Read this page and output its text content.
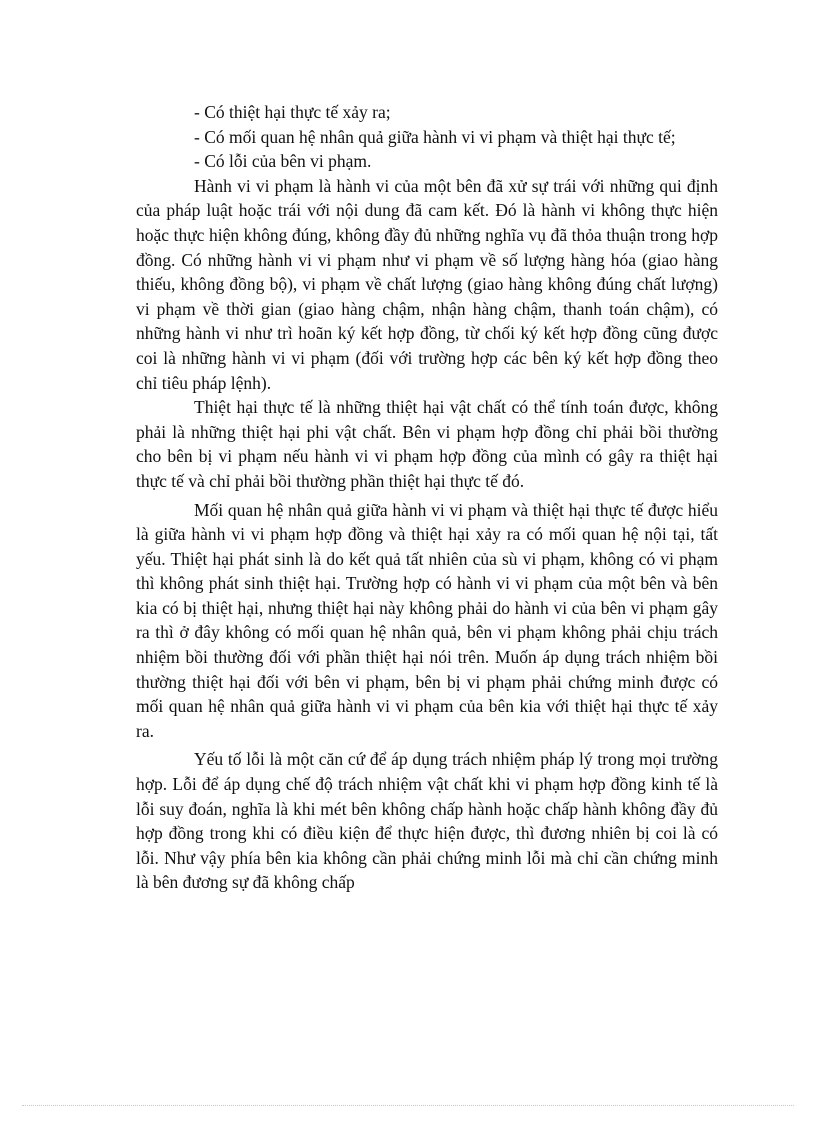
- Có thiệt hại thực tế xảy ra;

- Có mối quan hệ nhân quả giữa hành vi vi phạm và thiệt hại thực tế;

- Có lỗi của bên vi phạm.

Hành vi vi phạm là hành vi của một bên đã xử sự trái với những qui định của pháp luật hoặc trái với nội dung đã cam kết. Đó là hành vi không thực hiện hoặc thực hiện không đúng, không đầy đủ những nghĩa vụ đã thỏa thuận trong hợp đồng. Có những hành vi vi phạm như vi phạm về số lượng hàng hóa (giao hàng thiếu, không đồng bộ), vi phạm về chất lượng (giao hàng không đúng chất lượng) vi phạm về thời gian (giao hàng chậm, nhận hàng chậm, thanh toán chậm), có những hành vi như trì hoãn ký kết hợp đồng, từ chối ký kết hợp đồng cũng được coi là những hành vi vi phạm (đối với trường hợp các bên ký kết hợp đồng theo chỉ tiêu pháp lệnh).

Thiệt hại thực tế là những thiệt hại vật chất có thể tính toán được, không phải là những thiệt hại phi vật chất. Bên vi phạm hợp đồng chỉ phải bồi thường cho bên bị vi phạm nếu hành vi vi phạm hợp đồng của mình có gây ra thiệt hại thực tế và chỉ phải bồi thường phần thiệt hại thực tế đó.

Mối quan hệ nhân quả giữa hành vi vi phạm và thiệt hại thực tế được hiểu là giữa hành vi vi phạm hợp đồng và thiệt hại xảy ra có mối quan hệ nội tại, tất yếu. Thiệt hại phát sinh là do kết quả tất nhiên của sù vi phạm, không có vi phạm thì không phát sinh thiệt hại. Trường hợp có hành vi vi phạm của một bên và bên kia có bị thiệt hại, nhưng thiệt hại này không phải do hành vi của bên vi phạm gây ra thì ở đây không có mối quan hệ nhân quả, bên vi phạm không phải chịu trách nhiệm bồi thường đối với phần thiệt hại nói trên. Muốn áp dụng trách nhiệm bồi thường thiệt hại đối với bên vi phạm, bên bị vi phạm phải chứng minh được có mối quan hệ nhân quả giữa hành vi vi phạm của bên kia với thiệt hại thực tế xảy ra.

Yếu tố lỗi là một căn cứ để áp dụng trách nhiệm pháp lý trong mọi trường hợp. Lỗi để áp dụng chế độ trách nhiệm vật chất khi vi phạm hợp đồng kinh tế là lỗi suy đoán, nghĩa là khi mét bên không chấp hành hoặc chấp hành không đầy đủ hợp đồng trong khi có điều kiện để thực hiện được, thì đương nhiên bị coi là có lỗi. Như vậy phía bên kia không cần phải chứng minh lỗi mà chỉ cần chứng minh là bên đương sự đã không chấp
